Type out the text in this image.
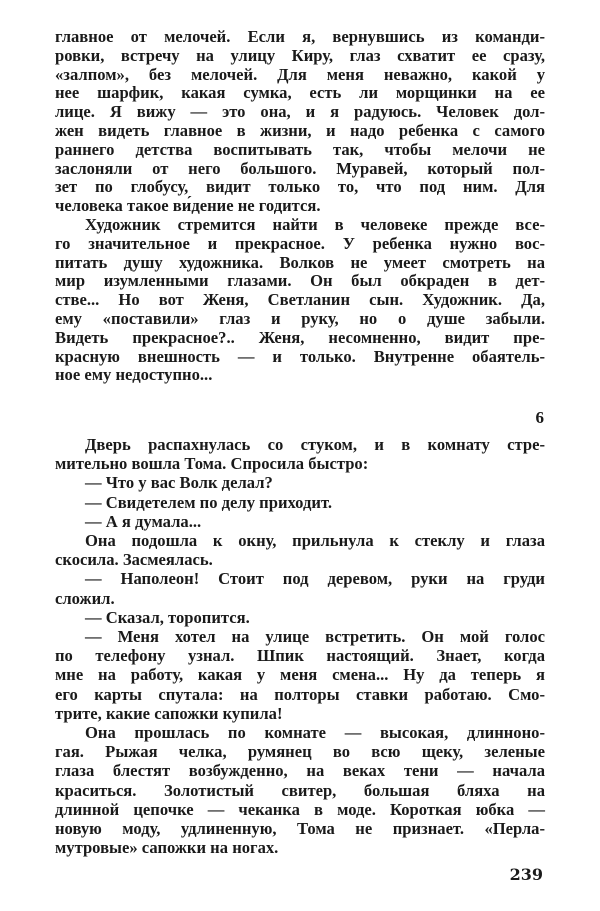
главное от мелочей. Если я, вернувшись из команди-
ровки, встречу на улицу Киру, глаз схватит ее сразу,
«залпом», без мелочей. Для меня неважно, какой у
нее шарфик, какая сумка, есть ли морщинки на ее
лице. Я вижу — это она, и я радуюсь. Человек дол-
жен видеть главное в жизни, и надо ребенка с самого
раннего детства воспитывать так, чтобы мелочи не
заслоняли от него большого. Муравей, который пол-
зет по глобусу, видит только то, что под ним. Для
человека такое ви́дение не годится.
Художник стремится найти в человеке прежде все-
го значительное и прекрасное. У ребенка нужно вос-
питать душу художника. Волков не умеет смотреть на
мир изумленными глазами. Он был обкраден в дет-
стве... Но вот Женя, Светланин сын. Художник. Да,
ему «поставили» глаз и руку, но о душе забыли.
Видеть прекрасное?.. Женя, несомненно, видит пре-
красную внешность — и только. Внутренне обаятель-
ное ему недоступно...
6
Дверь распахнулась со стуком, и в комнату стре-
мительно вошла Тома. Спросила быстро:
— Что у вас Волк делал?
— Свидетелем по делу приходит.
— А я думала...
Она подошла к окну, прильнула к стеклу и глаза
скосила. Засмеялась.
— Наполеон! Стоит под деревом, руки на груди
сложил.
— Сказал, торопится.
— Меня хотел на улице встретить. Он мой голос
по телефону узнал. Шпик настоящий. Знает, когда
мне на работу, какая у меня смена... Ну да теперь я
его карты спутала: на полторы ставки работаю. Смо-
трите, какие сапожки купила!
Она прошлась по комнате — высокая, длинноно-
гая. Рыжая челка, румянец во всю щеку, зеленые
глаза блестят возбужденно, на веках тени — начала
краситься. Золотистый свитер, большая бляха на
длинной цепочке — чеканка в моде. Короткая юбка —
новую моду, удлиненную, Тома не признает. «Перла-
мутровые» сапожки на ногах.
239
